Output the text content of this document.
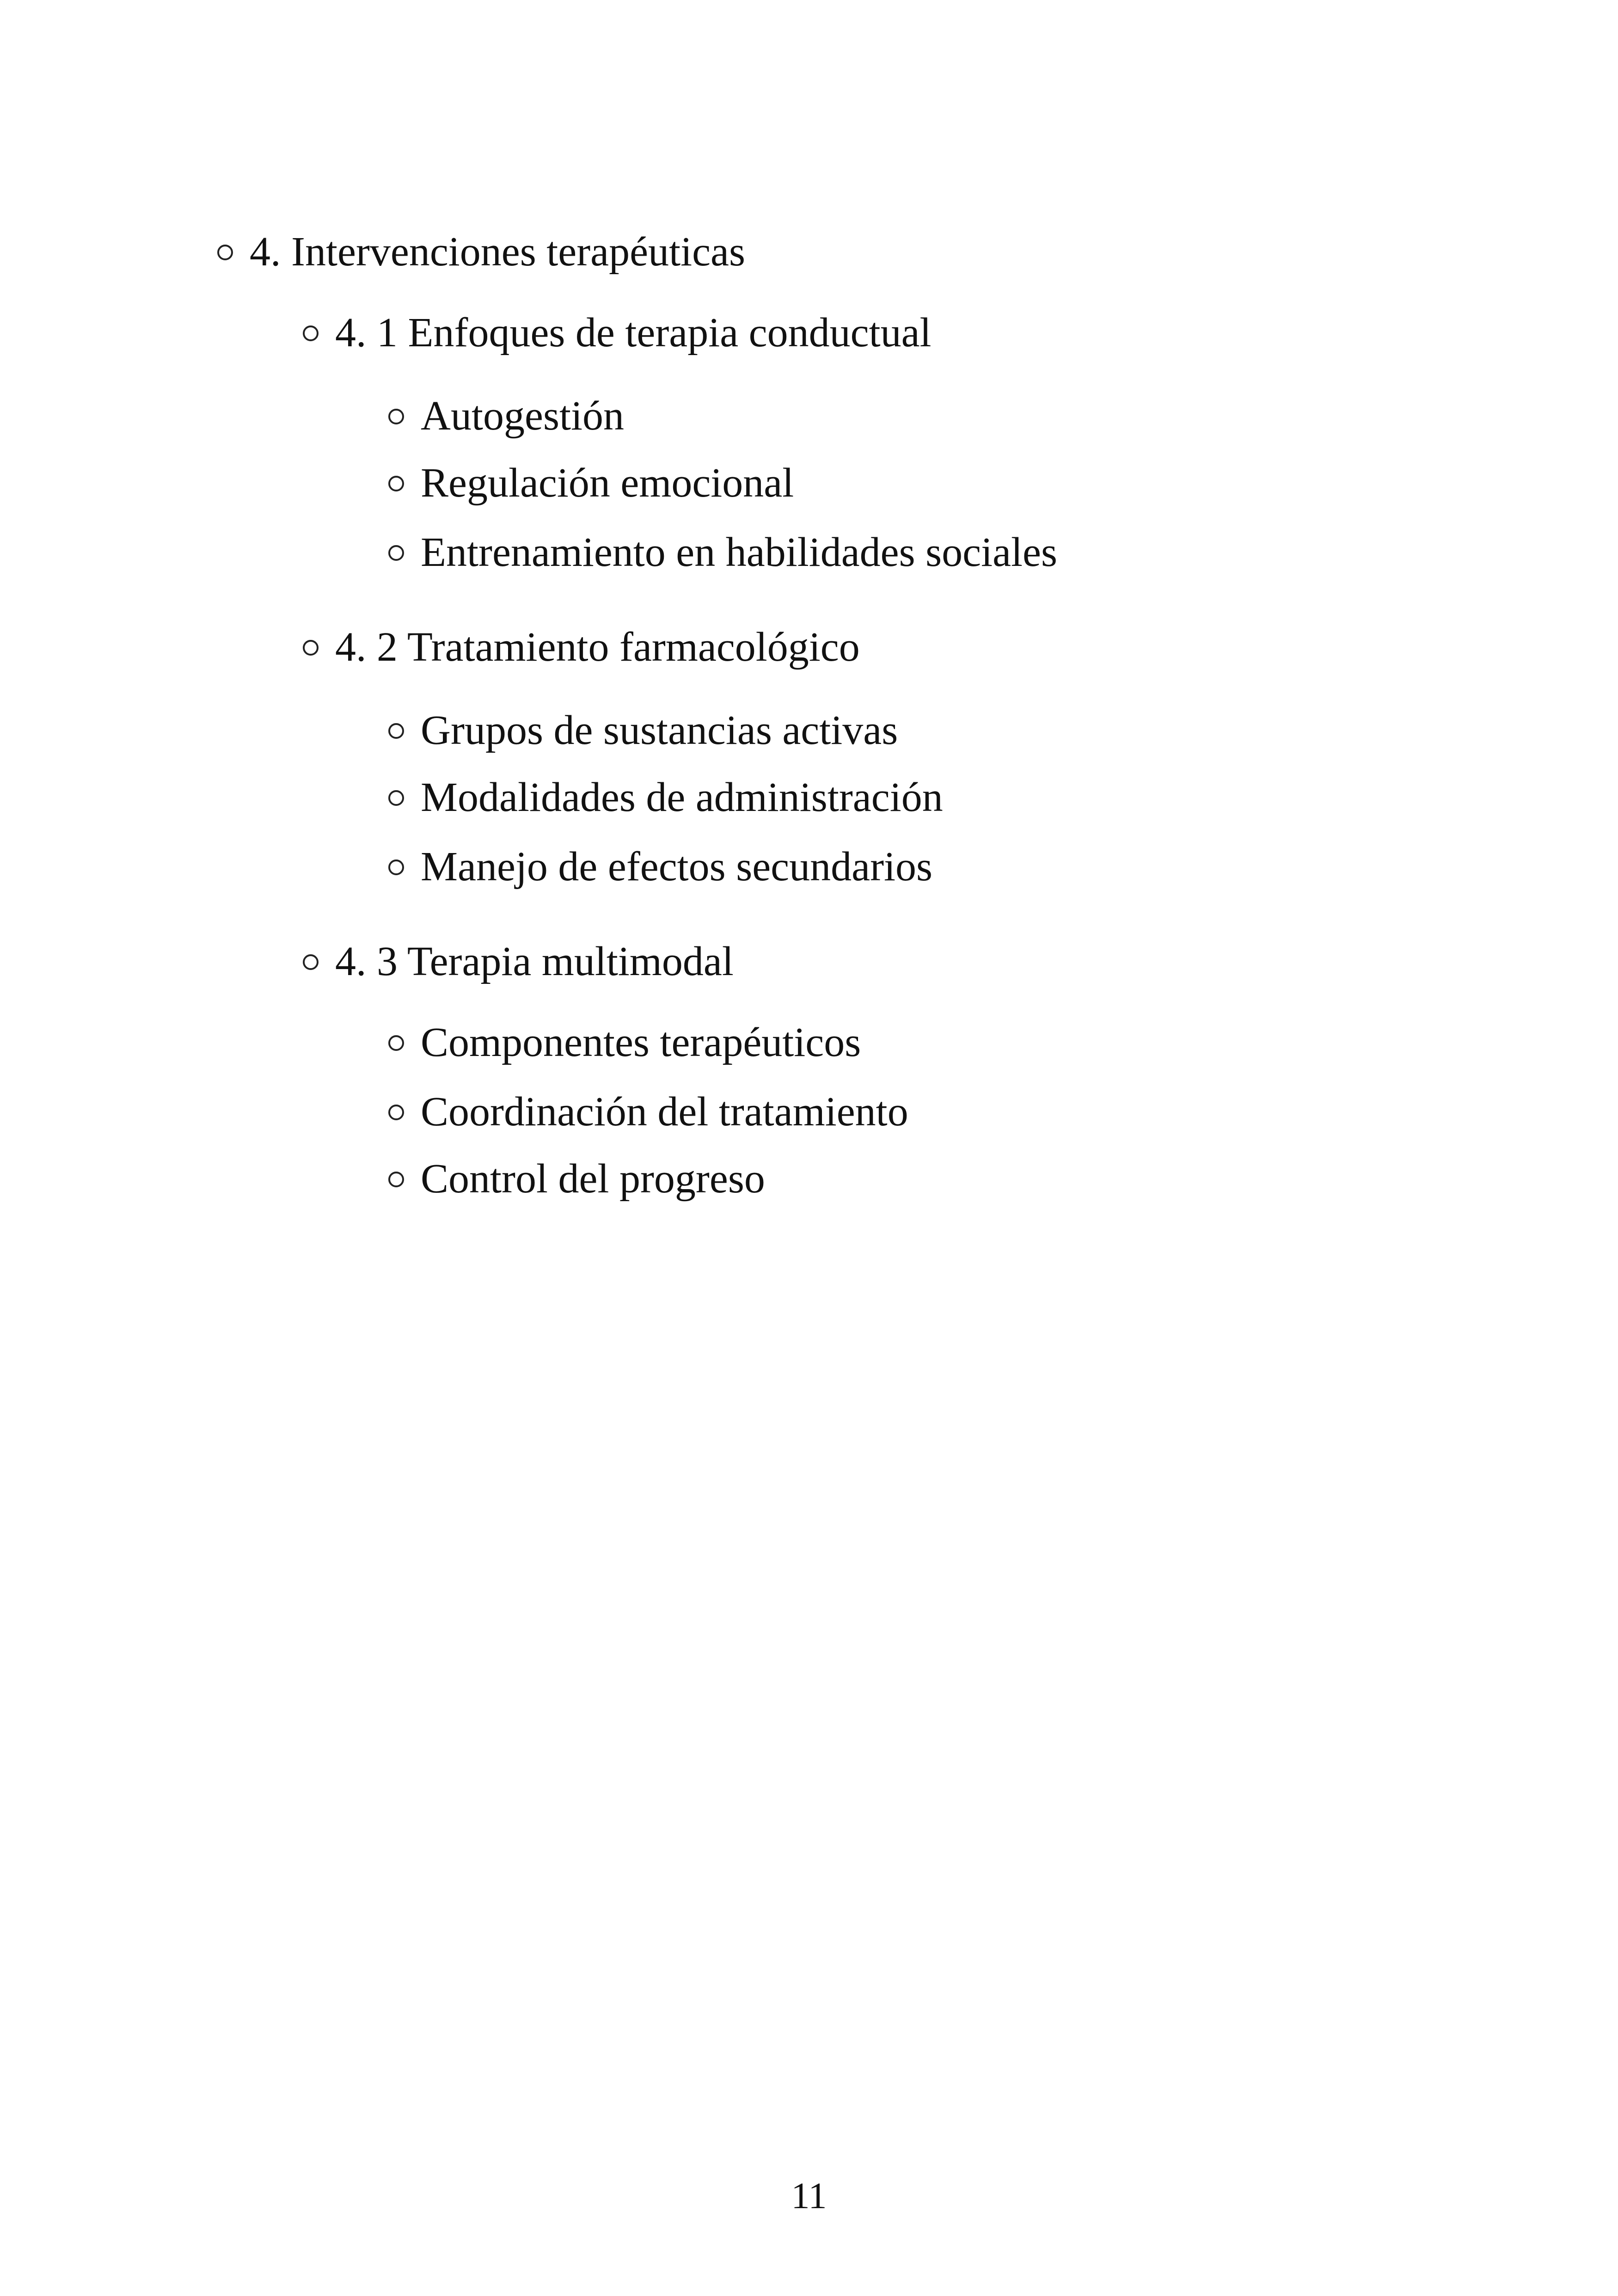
4. Intervenciones terapéuticas
4. 1 Enfoques de terapia conductual
Autogestión
Regulación emocional
Entrenamiento en habilidades sociales
4. 2 Tratamiento farmacológico
Grupos de sustancias activas
Modalidades de administración
Manejo de efectos secundarios
4. 3 Terapia multimodal
Componentes terapéuticos
Coordinación del tratamiento
Control del progreso
11
